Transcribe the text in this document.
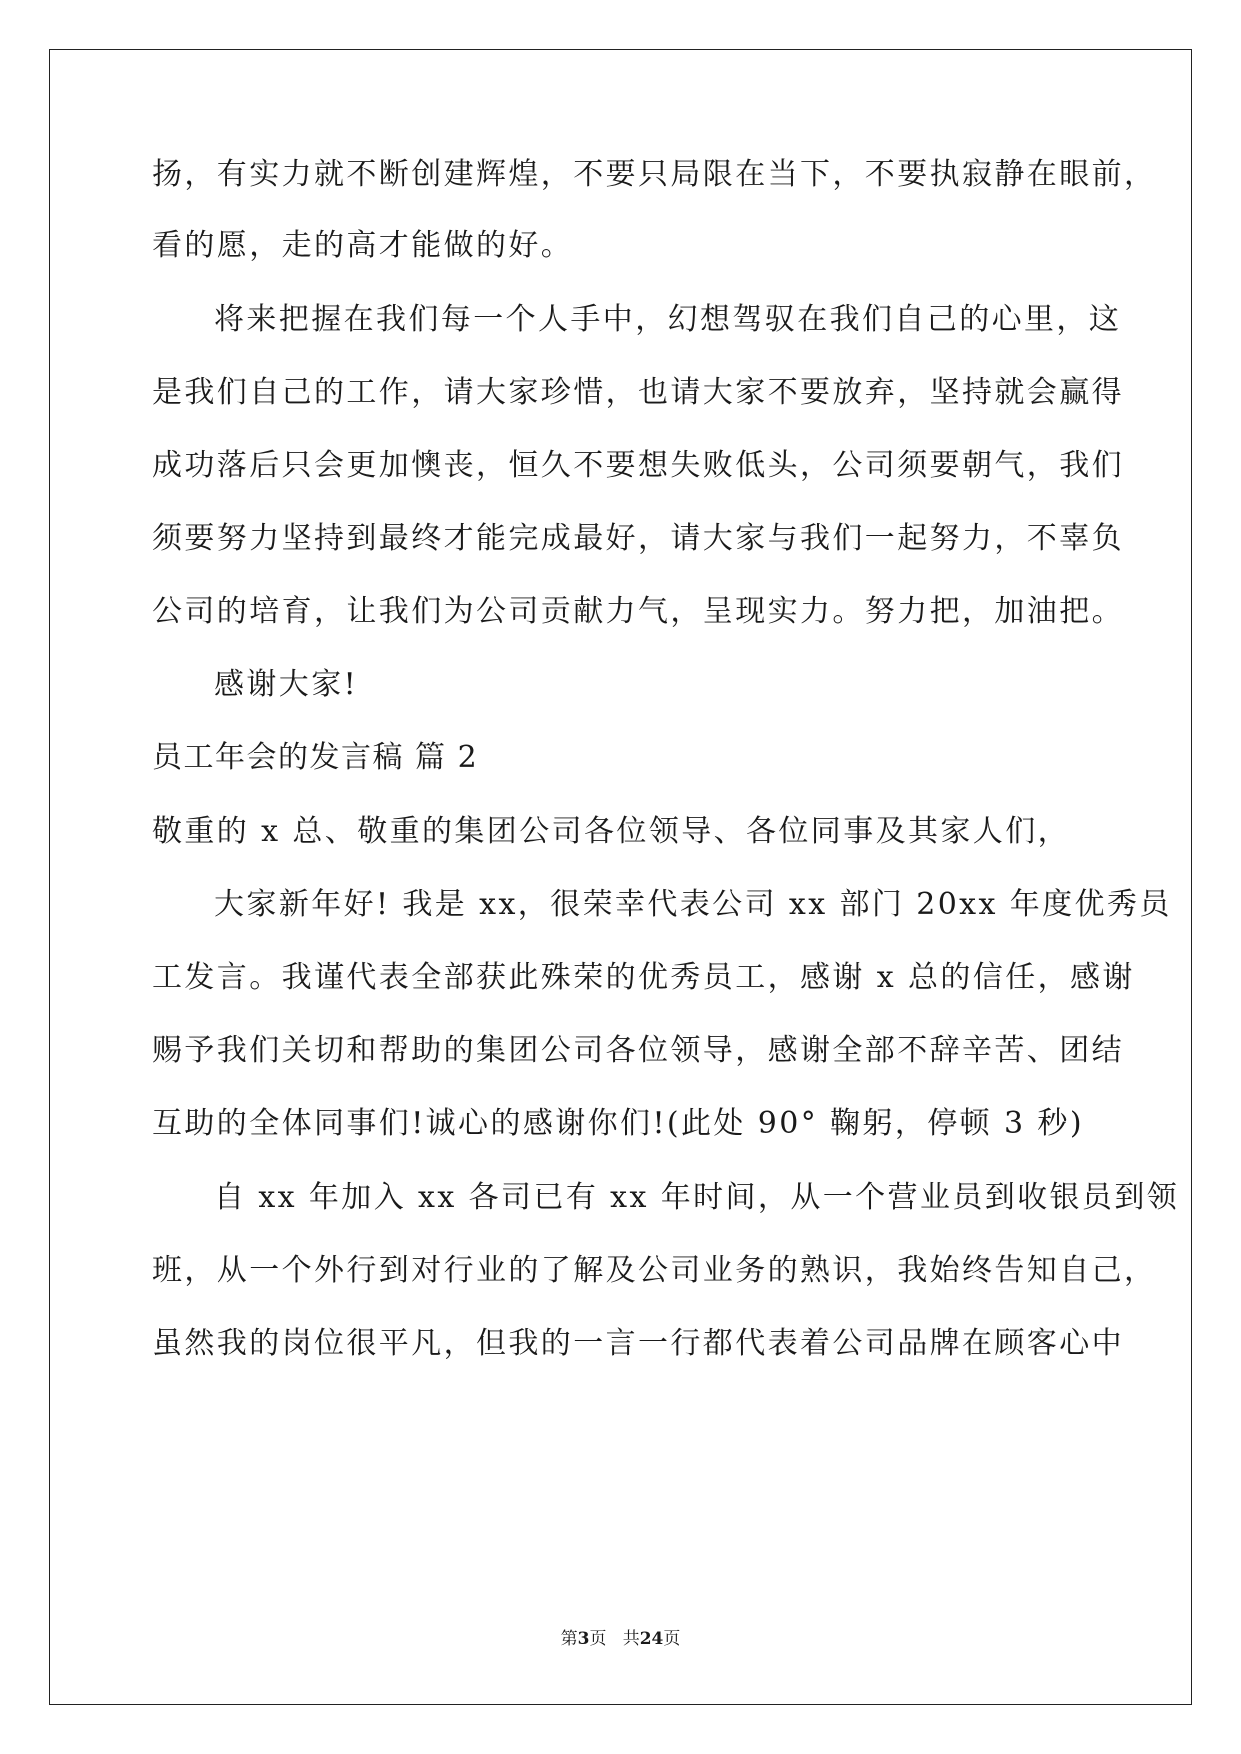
扬，有实力就不断创建辉煌，不要只局限在当下，不要执寂静在眼前，
看的愿，走的高才能做的好。
将来把握在我们每一个人手中，幻想驾驭在我们自己的心里，这
是我们自己的工作，请大家珍惜，也请大家不要放弃，坚持就会赢得
成功落后只会更加懊丧，恒久不要想失败低头，公司须要朝气，我们
须要努力坚持到最终才能完成最好，请大家与我们一起努力，不辜负
公司的培育，让我们为公司贡献力气，呈现实力。努力把，加油把。
感谢大家!
员工年会的发言稿 篇 2
敬重的 x 总、敬重的集团公司各位领导、各位同事及其家人们，
大家新年好! 我是 xx，很荣幸代表公司 xx 部门 20xx 年度优秀员
工发言。我谨代表全部获此殊荣的优秀员工，感谢 x 总的信任，感谢
赐予我们关切和帮助的集团公司各位领导，感谢全部不辞辛苦、团结
互助的全体同事们!诚心的感谢你们!(此处 90° 鞠躬，停顿 3 秒)
自 xx 年加入 xx 各司已有 xx 年时间，从一个营业员到收银员到领
班，从一个外行到对行业的了解及公司业务的熟识，我始终告知自己，
虽然我的岗位很平凡，但我的一言一行都代表着公司品牌在顾客心中
第3页 共24页
